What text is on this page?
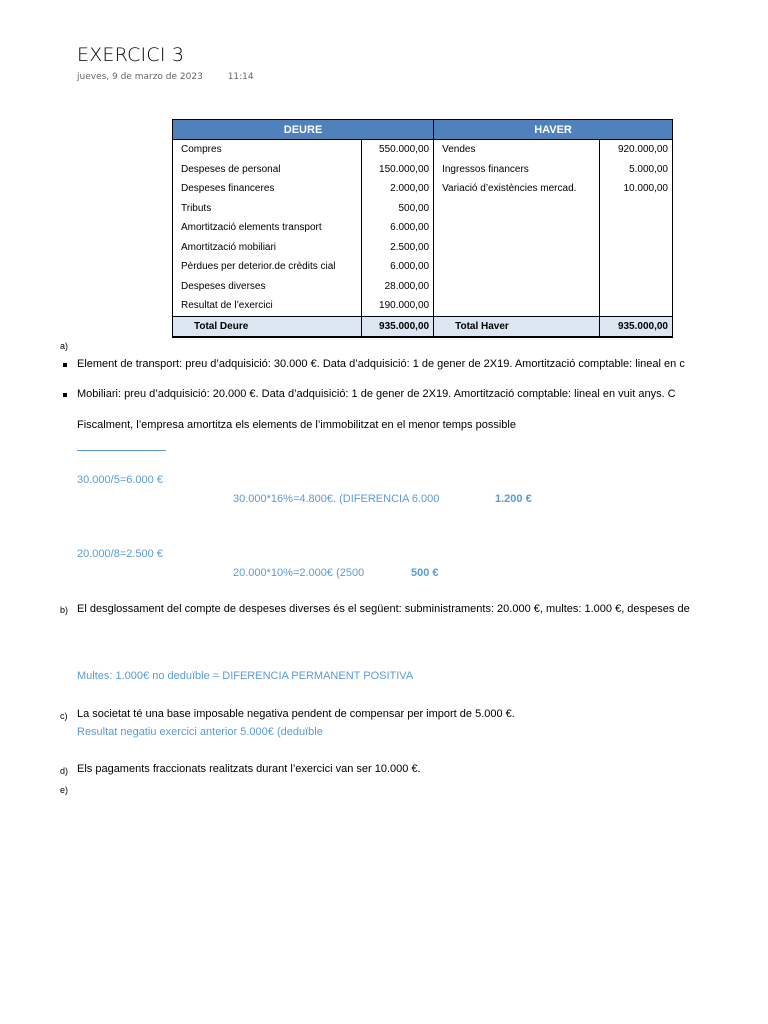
EXERCICI 3
jueves, 9 de marzo de 2023	11:14
DEURE		HAVER	
Compres	550.000,00	Vendes	920.000,00
Despeses de personal	150.000,00	Ingressos financers	5.000,00
Despeses financeres	2.000,00	Variació d’existències mercad.	10.000,00
Tributs	500,00		
Amortització elements transport	6.000,00		
Amortització mobiliari	2.500,00		
Pèrdues per deterior.de crèdits cial	6.000,00		
Despeses diverses	28.000,00		
Resultat de l’exercici	190.000,00		
Total Deure	935.000,00	Total Haver	935.000,00
a)
Element de transport: preu d’adquisició: 30.000 €. Data d’adquisició: 1 de gener de 2X19. Amortització comptable: lineal en c
Mobiliari: preu d’adquisició: 20.000 €. Data d’adquisició: 1 de gener de 2X19. Amortització comptable: lineal en vuit anys. C
Fiscalment, l’empresa amortitza els elements de l’immobilitzat en el menor temps possible
30.000/5=6.000 €
30.000*16%=4.800€. (DIFERENCIA 6.000	1.200 €
20.000/8=2.500 €
20.000*10%=2.000€ (2500	500 €
b) El desglossament del compte de despeses diverses és el següent: subministraments: 20.000 €, multes: 1.000 €, despeses de
Multes: 1.000€ no deduïble = DIFERENCIA PERMANENT POSITIVA
c) La societat té una base imposable negativa pendent de compensar per import de 5.000 €.
Resultat negatiu exercici anterior 5.000€ (deduïble
d) Els pagaments fraccionats realitzats durant l’exercici van ser 10.000 €.
e)
